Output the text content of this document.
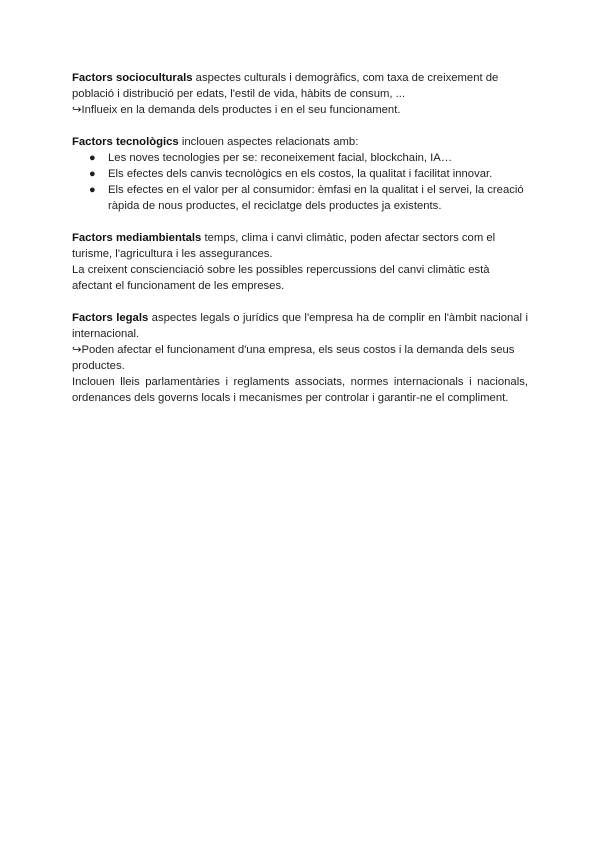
Factors socioculturals aspectes culturals i demogràfics, com taxa de creixement de població i distribució per edats, l'estil de vida, hàbits de consum, ...

↪Influeix en la demanda dels productes i en el seu funcionament.

Factors tecnològics inclouen aspectes relacionats amb:

● Les noves tecnologies per se: reconeixement facial, blockchain, IA…
● Els efectes dels canvis tecnològics en els costos, la qualitat i facilitat innovar.
● Els efectes en el valor per al consumidor: èmfasi en la qualitat i el servei, la creació ràpida de nous productes, el reciclatge dels productes ja existents.

Factors mediambientals temps, clima i canvi climàtic, poden afectar sectors com el turisme, l'agricultura i les assegurances.

La creixent conscienciació sobre les possibles repercussions del canvi climàtic està afectant el funcionament de les empreses.

Factors legals aspectes legals o jurídics que l'empresa ha de complir en l'àmbit nacional i internacional.

↪Poden afectar el funcionament d'una empresa, els seus costos i la demanda dels seus productes.

Inclouen lleis parlamentàries i reglaments associats, normes internacionals i nacionals, ordenances dels governs locals i mecanismes per controlar i garantir-ne el compliment.
